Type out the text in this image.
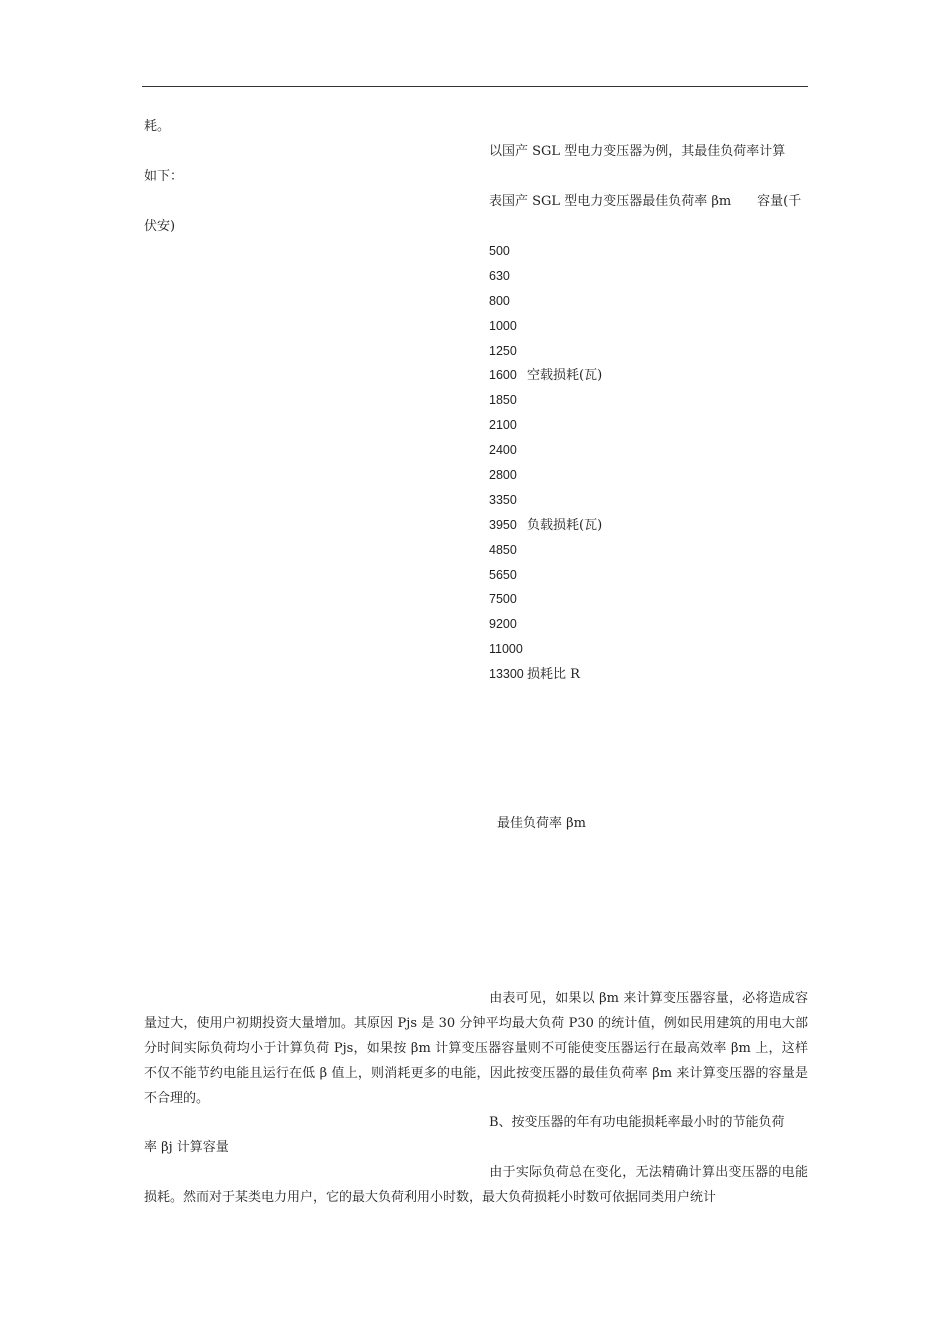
耗。
以国产 SGL 型电力变压器为例，其最佳负荷率计算
如下：
表国产 SGL 型电力变压器最佳负荷率 βm　　容量(千
伏安)
500
630
800
1000
1250
1600 空载损耗(瓦)
1850
2100
2400
2800
3350
3950 负载损耗(瓦)
4850
5650
7500
9200
11000
13300 损耗比 R
最佳负荷率 βm
由表可见，如果以 βm 来计算变压器容量，必将造成容量过大，使用户初期投资大量增加。其原因 Pjs 是 30 分钟平均最大负荷 P30 的统计值，例如民用建筑的用电大部分时间实际负荷均小于计算负荷 Pjs，如果按 βm 计算变压器容量则不可能使变压器运行在最高效率 βm 上，这样不仅不能节约电能且运行在低 β 值上，则消耗更多的电能，因此按变压器的最佳负荷率 βm 来计算变压器的容量是不合理的。
B、按变压器的年有功电能损耗率最小时的节能负荷
率 βj 计算容量
由于实际负荷总在变化，无法精确计算出变压器的电能损耗。然而对于某类电力用户，它的最大负荷利用小时数，最大负荷损耗小时数可依据同类用户统计
